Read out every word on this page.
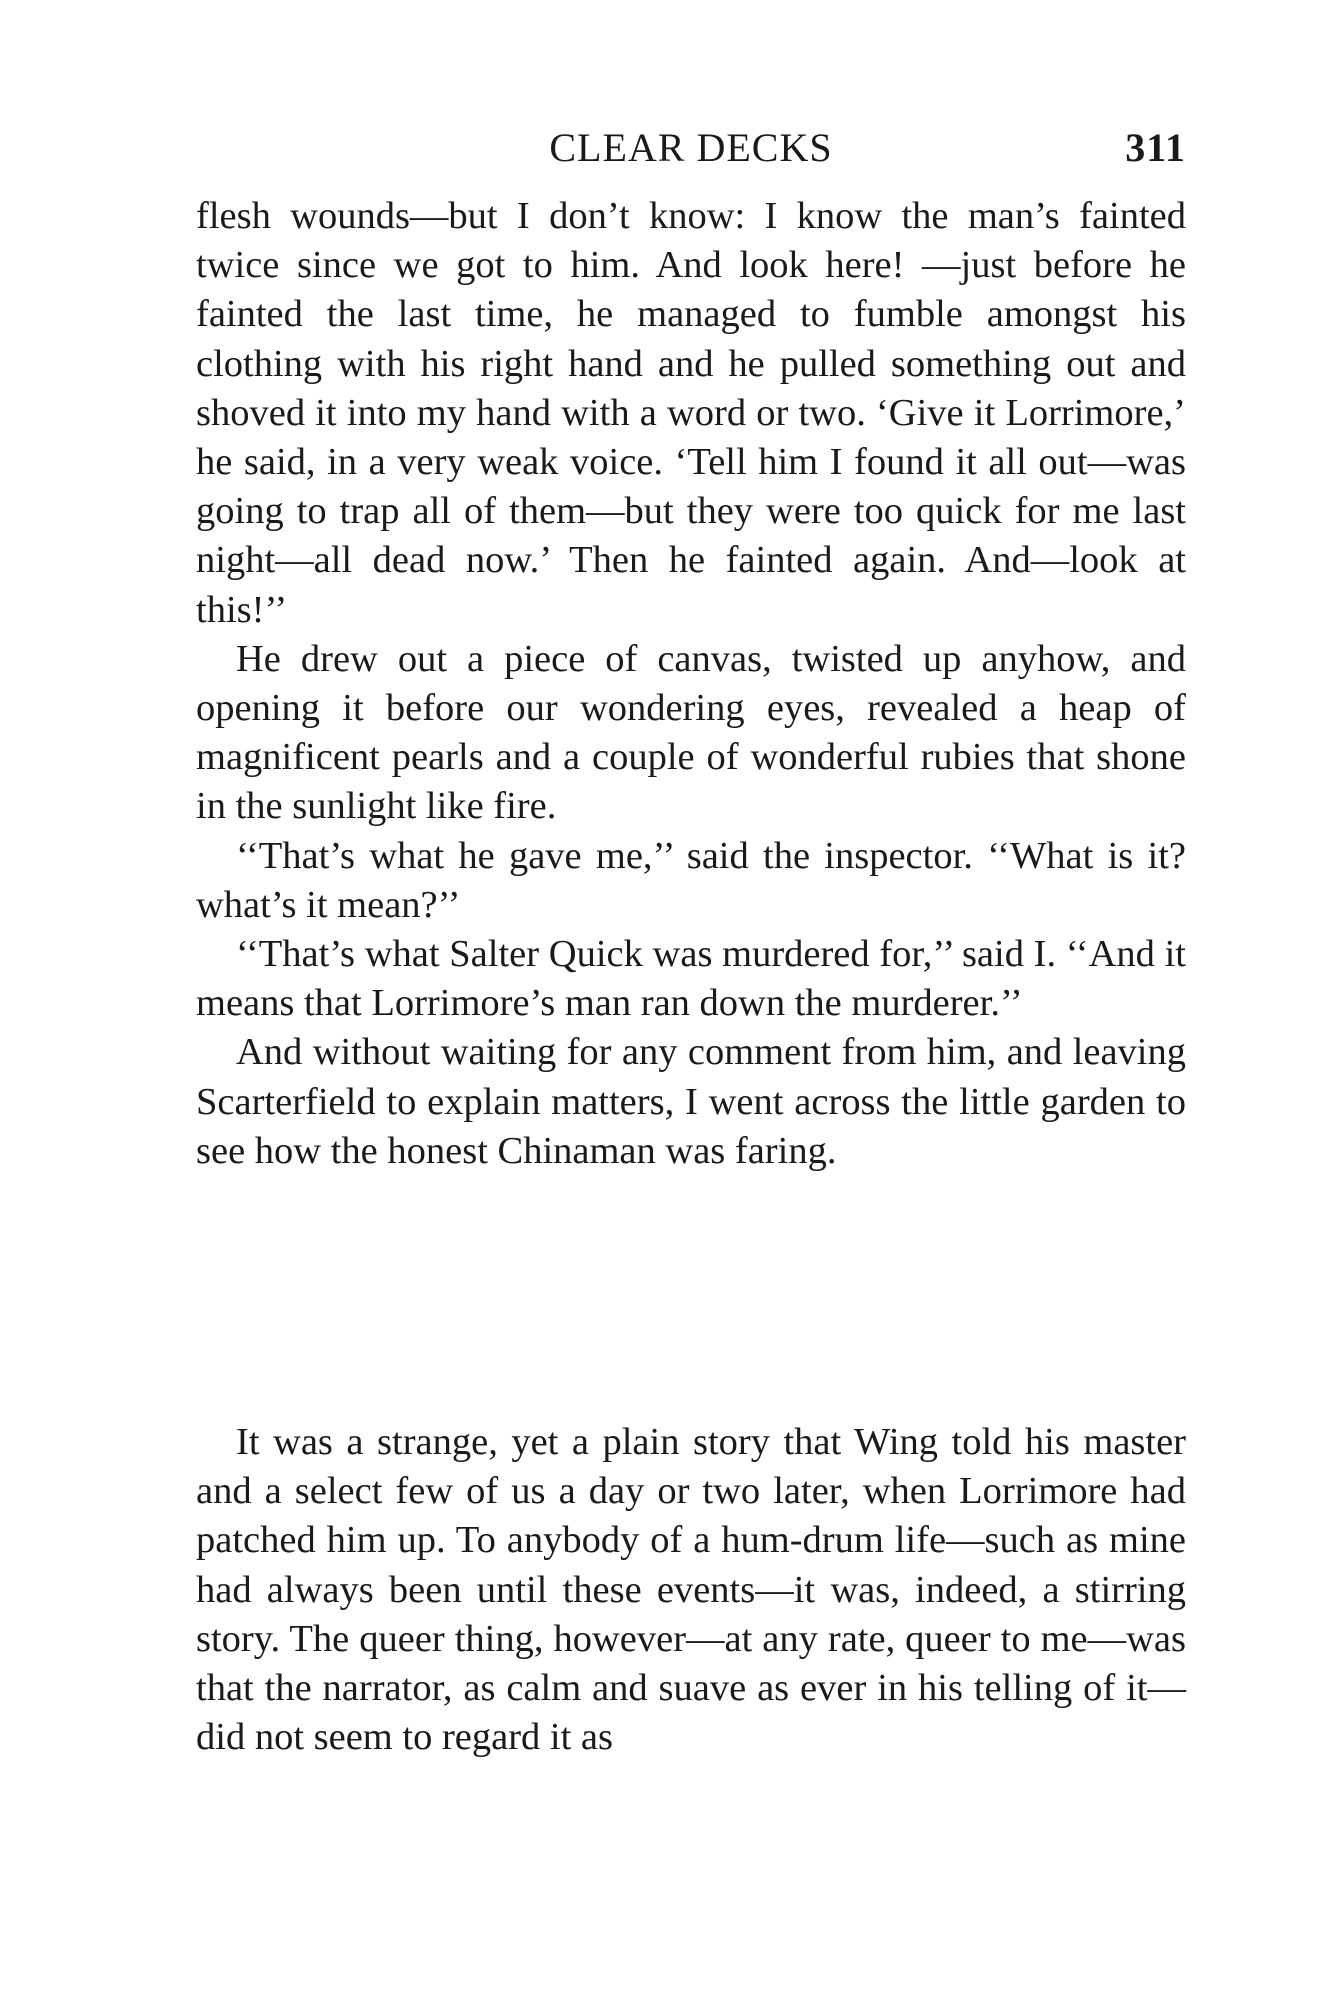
CLEAR DECKS	311

flesh wounds—but I don’t know: I know the man’s fainted twice since we got to him. And look here! —just before he fainted the last time, he managed to fumble amongst his clothing with his right hand and he pulled something out and shoved it into my hand with a word or two. ‘Give it Lorrimore,’ he said, in a very weak voice. ‘Tell him I found it all out—was going to trap all of them—but they were too quick for me last night—all dead now.’ Then he fainted again. And—look at this!’’

He drew out a piece of canvas, twisted up anyhow, and opening it before our wondering eyes, revealed a heap of magnificent pearls and a couple of wonderful rubies that shone in the sunlight like fire.

‘‘That’s what he gave me,’’ said the inspector. ‘‘What is it? what’s it mean?’’

‘‘That’s what Salter Quick was murdered for,’’ said I. ‘‘And it means that Lorrimore’s man ran down the murderer.’’

And without waiting for any comment from him, and leaving Scarterfield to explain matters, I went across the little garden to see how the honest Chinaman was faring.

It was a strange, yet a plain story that Wing told his master and a select few of us a day or two later, when Lorrimore had patched him up. To anybody of a hum-drum life—such as mine had always been until these events—it was, indeed, a stirring story. The queer thing, however—at any rate, queer to me—was that the narrator, as calm and suave as ever in his telling of it—did not seem to regard it as
